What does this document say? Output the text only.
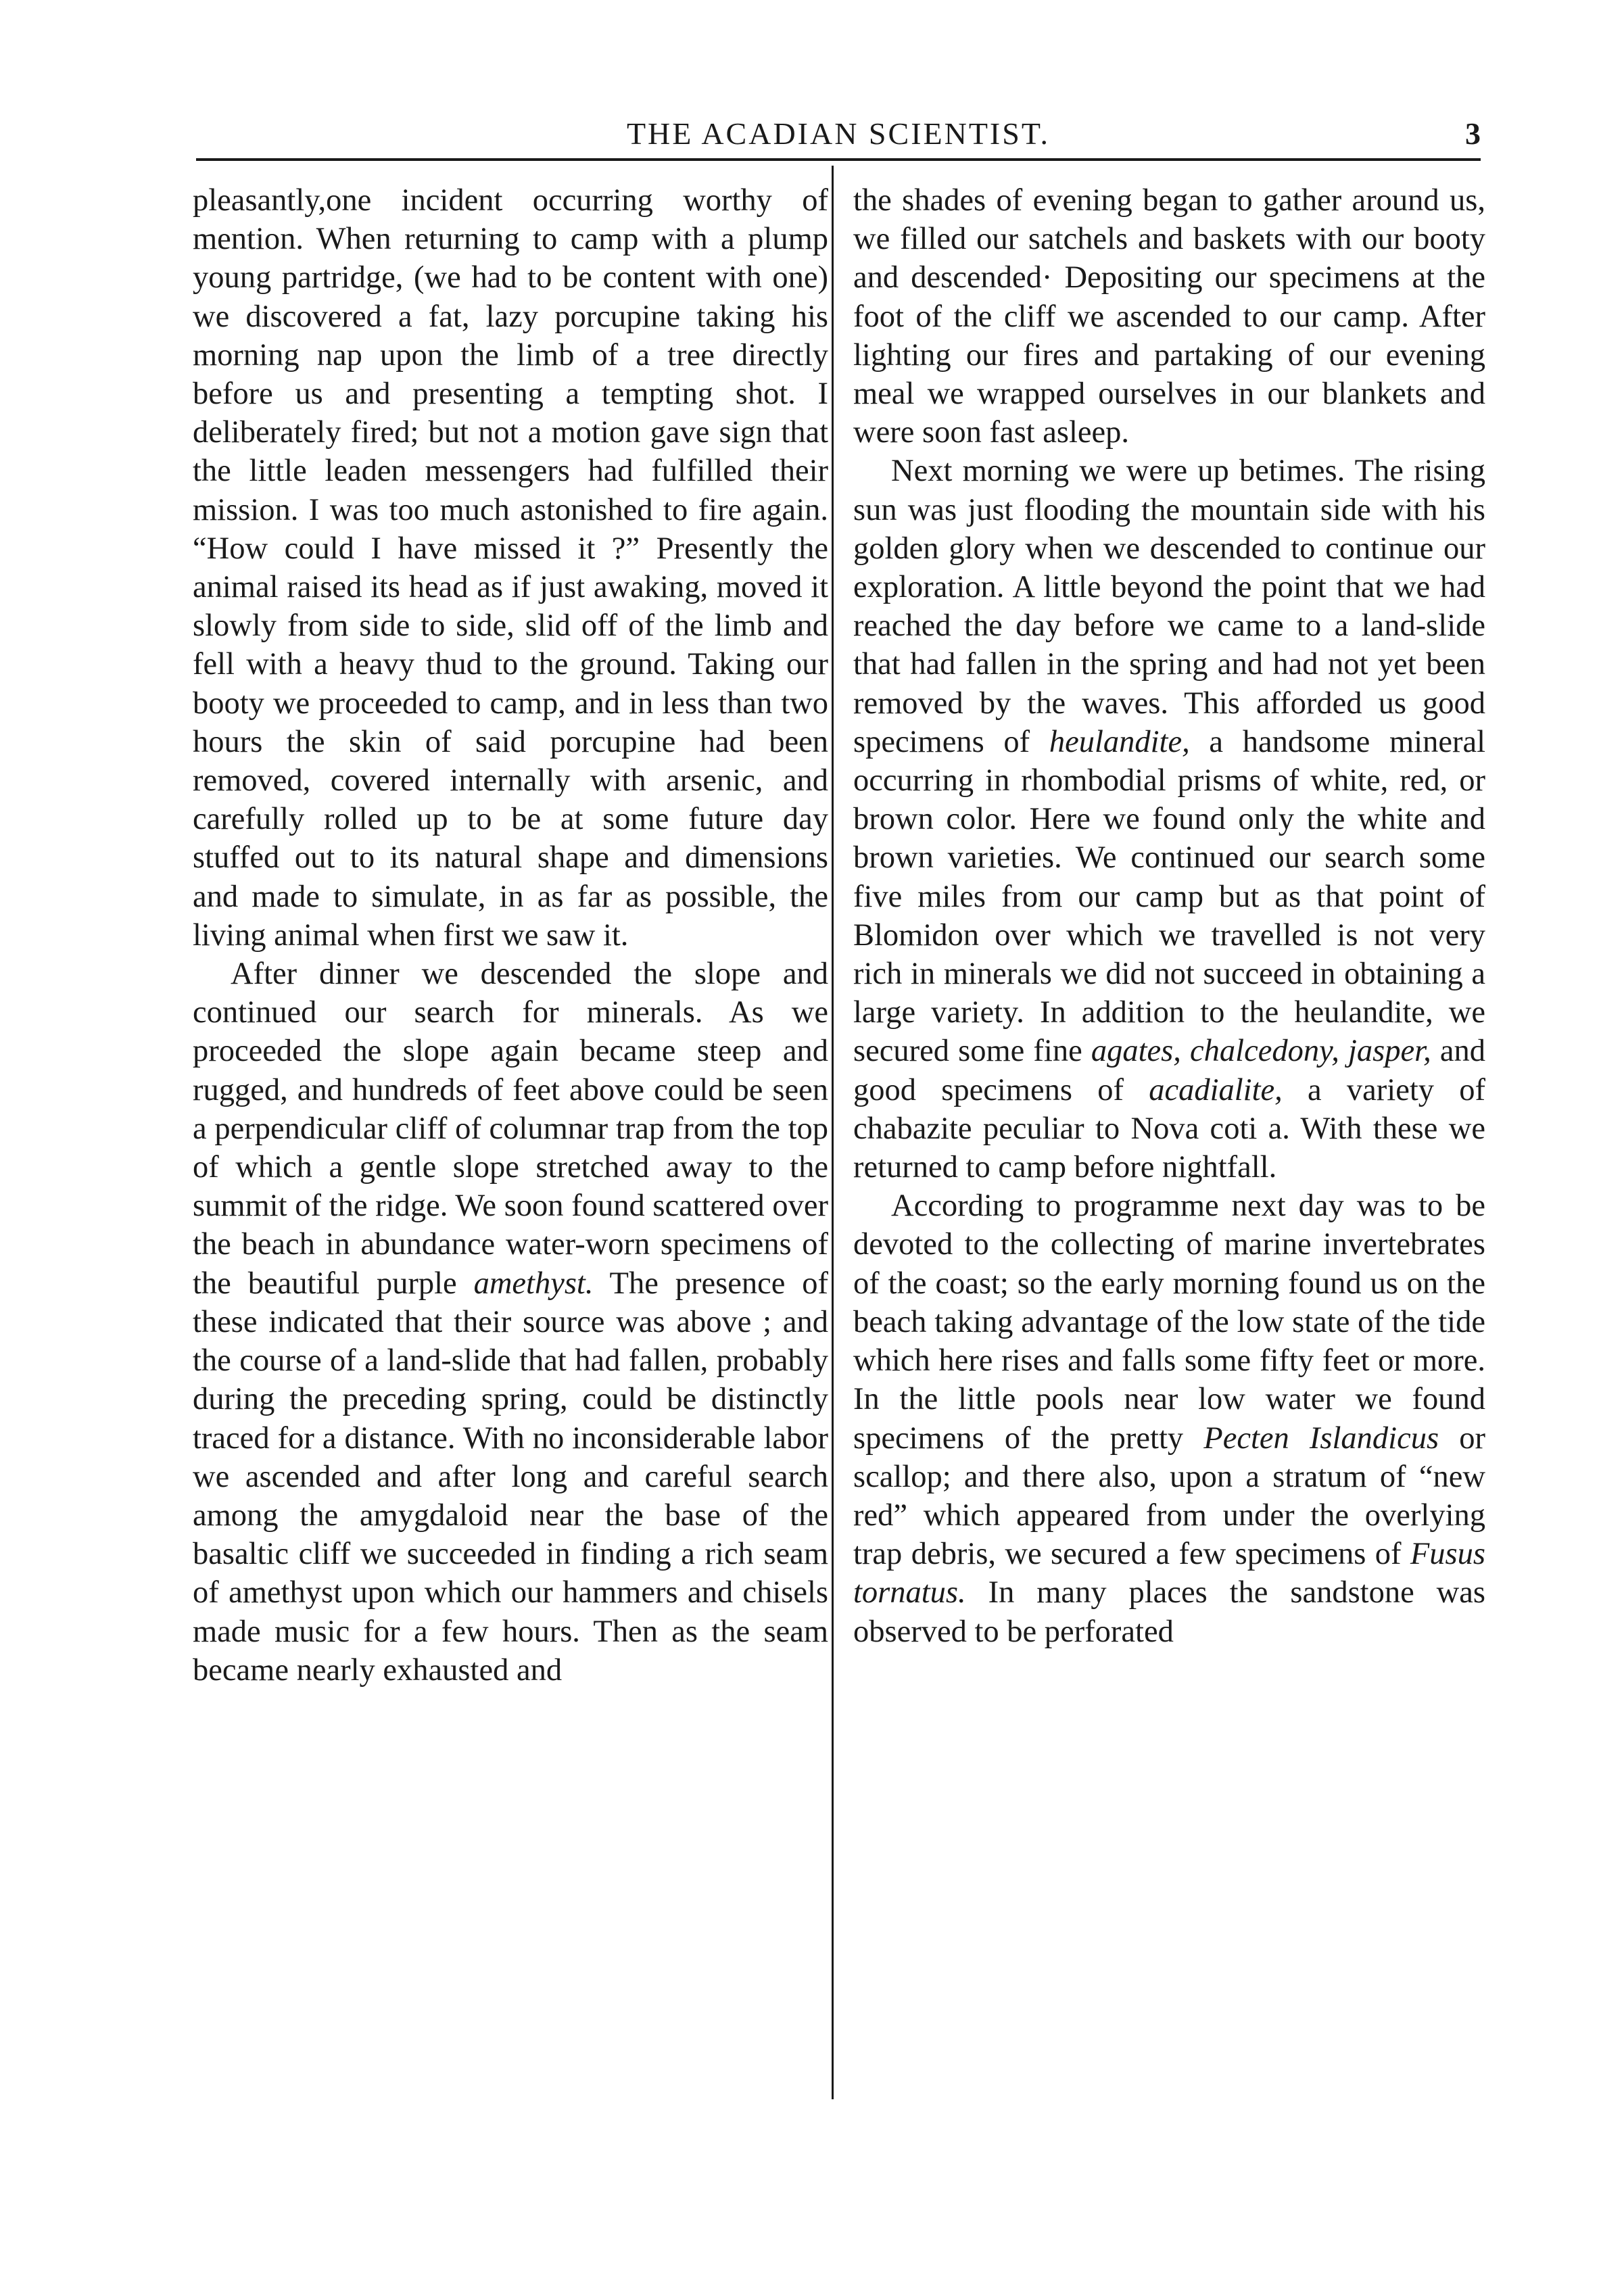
THE ACADIAN SCIENTIST.	3

pleasantly,one incident occurring worthy of mention. When returning to camp with a plump young partridge, (we had to be content with one) we discovered a fat, lazy porcupine taking his morning nap upon the limb of a tree directly before us and presenting a tempting shot. I deliberately fired; but not a motion gave sign that the little leaden messengers had fulfilled their mission. I was too much astonished to fire again. “How could I have missed it ?” Presently the animal raised its head as if just awaking, moved it slowly from side to side, slid off of the limb and fell with a heavy thud to the ground. Taking our booty we proceeded to camp, and in less than two hours the skin of said porcupine had been removed, covered internally with arsenic, and carefully rolled up to be at some future day stuffed out to its natural shape and dimensions and made to simulate, in as far as possible, the living animal when first we saw it.

After dinner we descended the slope and continued our search for minerals. As we proceeded the slope again became steep and rugged, and hundreds of feet above could be seen a perpendicular cliff of columnar trap from the top of which a gentle slope stretched away to the summit of the ridge. We soon found scattered over the beach in abundance water-worn specimens of the beautiful purple amethyst. The presence of these indicated that their source was above ; and the course of a land-slide that had fallen, probably during the preceding spring, could be distinctly traced for a distance. With no inconsiderable labor we ascended and after long and careful search among the amygdaloid near the base of the basaltic cliff we succeeded in finding a rich seam of amethyst upon which our hammers and chisels made music for a few hours. Then as the seam became nearly exhausted and

the shades of evening began to gather around us, we filled our satchels and baskets with our booty and descended· Depositing our specimens at the foot of the cliff we ascended to our camp. After lighting our fires and partaking of our evening meal we wrapped ourselves in our blankets and were soon fast asleep.

Next morning we were up betimes. The rising sun was just flooding the mountain side with his golden glory when we descended to continue our exploration. A little beyond the point that we had reached the day before we came to a land-slide that had fallen in the spring and had not yet been removed by the waves. This afforded us good specimens of heulandite, a handsome mineral occurring in rhombodial prisms of white, red, or brown color. Here we found only the white and brown varieties. We continued our search some five miles from our camp but as that point of Blomidon over which we travelled is not very rich in minerals we did not succeed in obtaining a large variety. In addition to the heulandite, we secured some fine agates, chalcedony, jasper, and good specimens of acadialite, a variety of chabazite peculiar to Nova coti a. With these we returned to camp before nightfall.

According to programme next day was to be devoted to the collecting of marine invertebrates of the coast; so the early morning found us on the beach taking advantage of the low state of the tide which here rises and falls some fifty feet or more. In the little pools near low water we found specimens of the pretty Pecten Islandicus or scallop; and there also, upon a stratum of “new red” which appeared from under the overlying trap debris, we secured a few specimens of Fusus tornatus. In many places the sandstone was observed to be perforated
